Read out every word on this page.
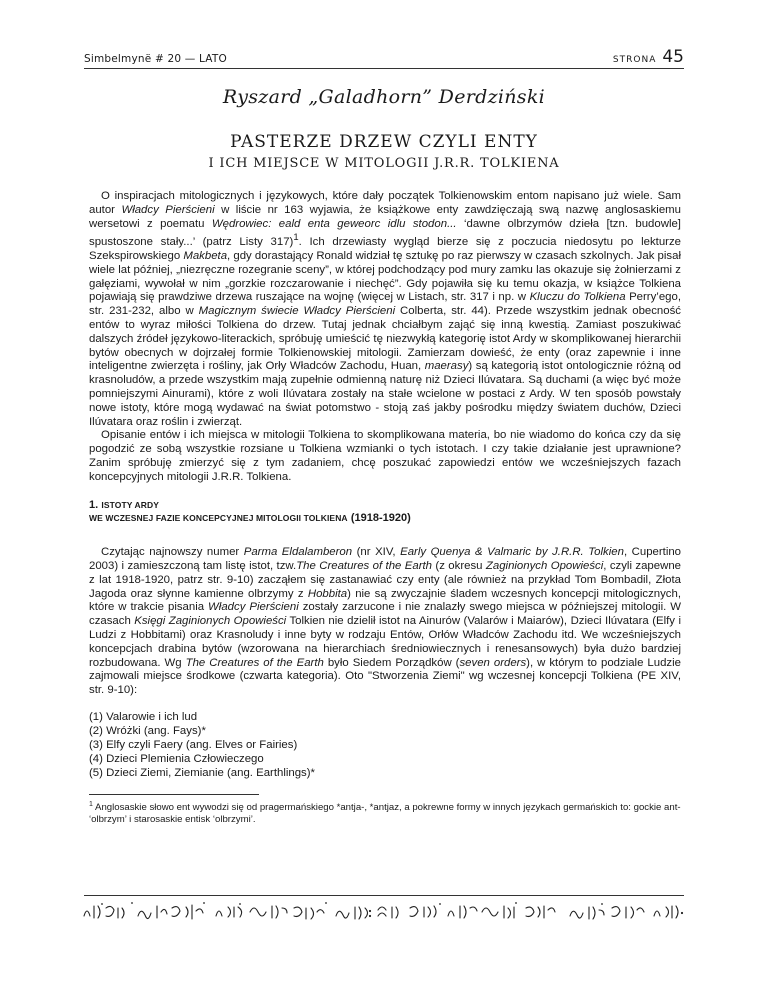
Simbelmynë # 20 — LATO	STRONA 45
Ryszard „Galadhorn” Derdziński
PASTERZE DRZEW CZYLI ENTY
I ICH MIEJSCE W MITOLOGII J.R.R. TOLKIENA

O inspiracjach mitologicznych i językowych, które dały początek Tolkienowskim entom napisano już wiele. Sam autor Władcy Pierścieni w liście nr 163 wyjawia, że książkowe enty zawdzięczają swą nazwę anglosaskiemu wersetowi z poematu Wędrowiec: eald enta geweorc idlu stodon... ‘dawne olbrzymów dzieła [tzn. budowle] spustoszone stały...’ (patrz Listy 317)$^1$. Ich drzewiasty wygląd bierze się z poczucia niedosytu po lekturze Szekspirowskiego Makbeta, gdy dorastający Ronald widział tę sztukę po raz pierwszy w czasach szkolnych. Jak pisał wiele lat później, „niezręczne rozegranie sceny”, w której podchodzący pod mury zamku las okazuje się żołnierzami z gałęziami, wywołał w nim „gorzkie rozczarowanie i niechęć”. Gdy pojawiła się ku temu okazja, w książce Tolkiena pojawiają się prawdziwe drzewa ruszające na wojnę (więcej w Listach, str. 317 i np. w Kluczu do Tolkiena Perry’ego, str. 231-232, albo w Magicznym świecie Władcy Pierścieni Colberta, str. 44). Przede wszystkim jednak obecność entów to wyraz miłości Tolkiena do drzew. Tutaj jednak chciałbym zająć się inną kwestią. Zamiast poszukiwać dalszych źródeł językowo-literackich, spróbuję umieścić tę niezwykłą kategorię istot Ardy w skomplikowanej hierarchii bytów obecnych w dojrzałej formie Tolkienowskiej mitologii. Zamierzam dowieść, że enty (oraz zapewnie i inne inteligentne zwierzęta i rośliny, jak Orły Władców Zachodu, Huan, maerasy) są kategorią istot ontologicznie różną od krasnoludów, a przede wszystkim mają zupełnie odmienną naturę niż Dzieci Ilúvatara. Są duchami (a więc być może pomniejszymi Ainurami), które z woli Ilúvatara zostały na stałe wcielone w postaci z Ardy. W ten sposób powstały nowe istoty, które mogą wydawać na świat potomstwo - stoją zaś jakby pośrodku między światem duchów, Dzieci Ilúvatara oraz roślin i zwierząt.

Opisanie entów i ich miejsca w mitologii Tolkiena to skomplikowana materia, bo nie wiadomo do końca czy da się pogodzić ze sobą wszystkie rozsiane u Tolkiena wzmianki o tych istotach. I czy takie działanie jest uprawnione? Zanim spróbuję zmierzyć się z tym zadaniem, chcę poszukać zapowiedzi entów we wcześniejszych fazach koncepcyjnych mitologii J.R.R. Tolkiena.

1. ISTOTY ARDY
WE WCZESNEJ FAZIE KONCEPCYJNEJ MITOLOGII TOLKIENA (1918-1920)

Czytając najnowszy numer Parma Eldalamberon (nr XIV, Early Quenya & Valmaric by J.R.R. Tolkien, Cupertino 2003) i zamieszczoną tam listę istot, tzw.The Creatures of the Earth (z okresu Zaginionych Opowieści, czyli zapewne z lat 1918-1920, patrz str. 9-10) zacząłem się zastanawiać czy enty (ale również na przykład Tom Bombadil, Złota Jagoda oraz słynne kamienne olbrzymy z Hobbita) nie są zwyczajnie śladem wczesnych koncepcji mitologicznych, które w trakcie pisania Władcy Pierścieni zostały zarzucone i nie znalazły swego miejsca w późniejszej mitologii. W czasach Księgi Zaginionych Opowieści Tolkien nie dzielił istot na Ainurów (Valarów i Maiarów), Dzieci Ilúvatara (Elfy i Ludzi z Hobbitami) oraz Krasnoludy i inne byty w rodzaju Entów, Orłów Władców Zachodu itd. We wcześniejszych koncepcjach drabina bytów (wzorowana na hierarchiach średniowiecznych i renesansowych) była dużo bardziej rozbudowana. Wg The Creatures of the Earth było Siedem Porządków (seven orders), w którym to podziale Ludzie zajmowali miejsce środkowe (czwarta kategoria). Oto "Stworzenia Ziemi" wg wczesnej koncepcji Tolkiena (PE XIV, str. 9-10):

(1) Valarowie i ich lud
(2) Wróżki (ang. Fays)*
(3) Elfy czyli Faery (ang. Elves or Fairies)
(4) Dzieci Plemienia Człowieczego
(5) Dzieci Ziemi, Ziemianie (ang. Earthlings)*
$^1$ Anglosaskie słowo ent wywodzi się od pragermańskiego *antja-, *antjaz, a pokrewne formy w innych językach germańskich to: gockie ant- ‘olbrzym’ i starosaskie entisk ‘olbrzymi’.
